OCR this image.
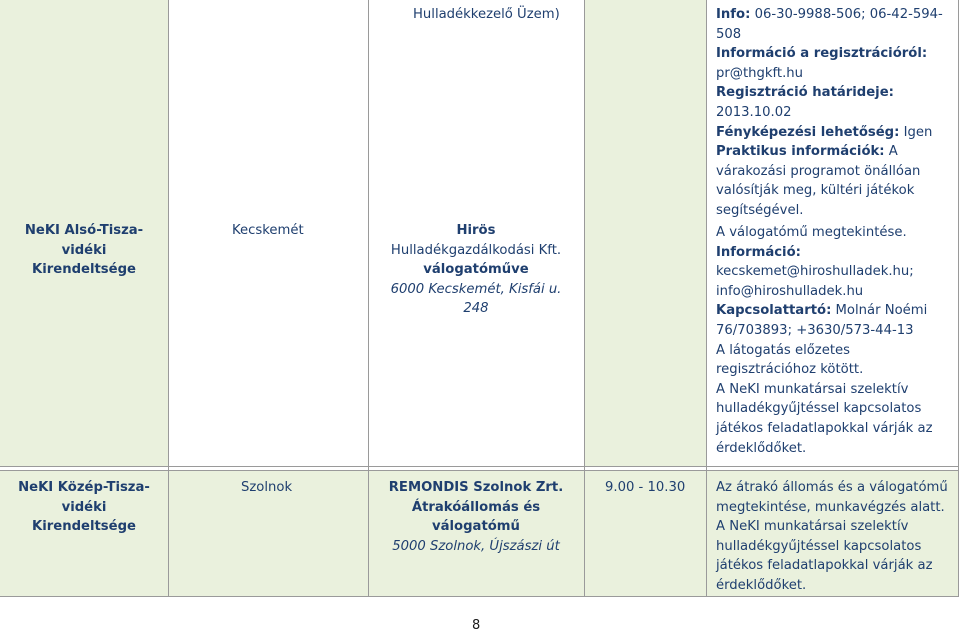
NeKI Alsó-Tisza-
vidéki
Kirendeltsége
Kecskemét
Hulladékkezelő Üzem)
Hirös
Hulladékgazdálkodási Kft.
válogatóműve
6000 Kecskemét, Kisfái u.
248
Info: 06-30-9988-506; 06-42-594-
508
Információ a regisztrációról:
pr@thgkft.hu
Regisztráció határideje:
2013.10.02
Fényképezési lehetőség: Igen
Praktikus információk: A
várakozási programot önállóan
valósítják meg, kültéri játékok
segítségével.
A válogatómű megtekintése.
Információ:
kecskemet@hiroshulladek.hu;
info@hiroshulladek.hu
Kapcsolattartó: Molnár Noémi
76/703893; +3630/573-44-13
A látogatás előzetes
regisztrációhoz kötött.
A NeKI munkatársai szelektív
hulladékgyűjtéssel kapcsolatos
játékos feladatlapokkal várják az
érdeklődőket.
NeKI Közép-Tisza-
vidéki
Kirendeltsége
Szolnok	REMONDIS Szolnok Zrt.
Átrakóállomás és
válogatómű
5000 Szolnok, Újszászi út
9.00 - 10.30 Az átrakó állomás és a válogatómű
megtekintése, munkavégzés alatt.
A NeKI munkatársai szelektív
hulladékgyűjtéssel kapcsolatos
játékos feladatlapokkal várják az
érdeklődőket.
8
